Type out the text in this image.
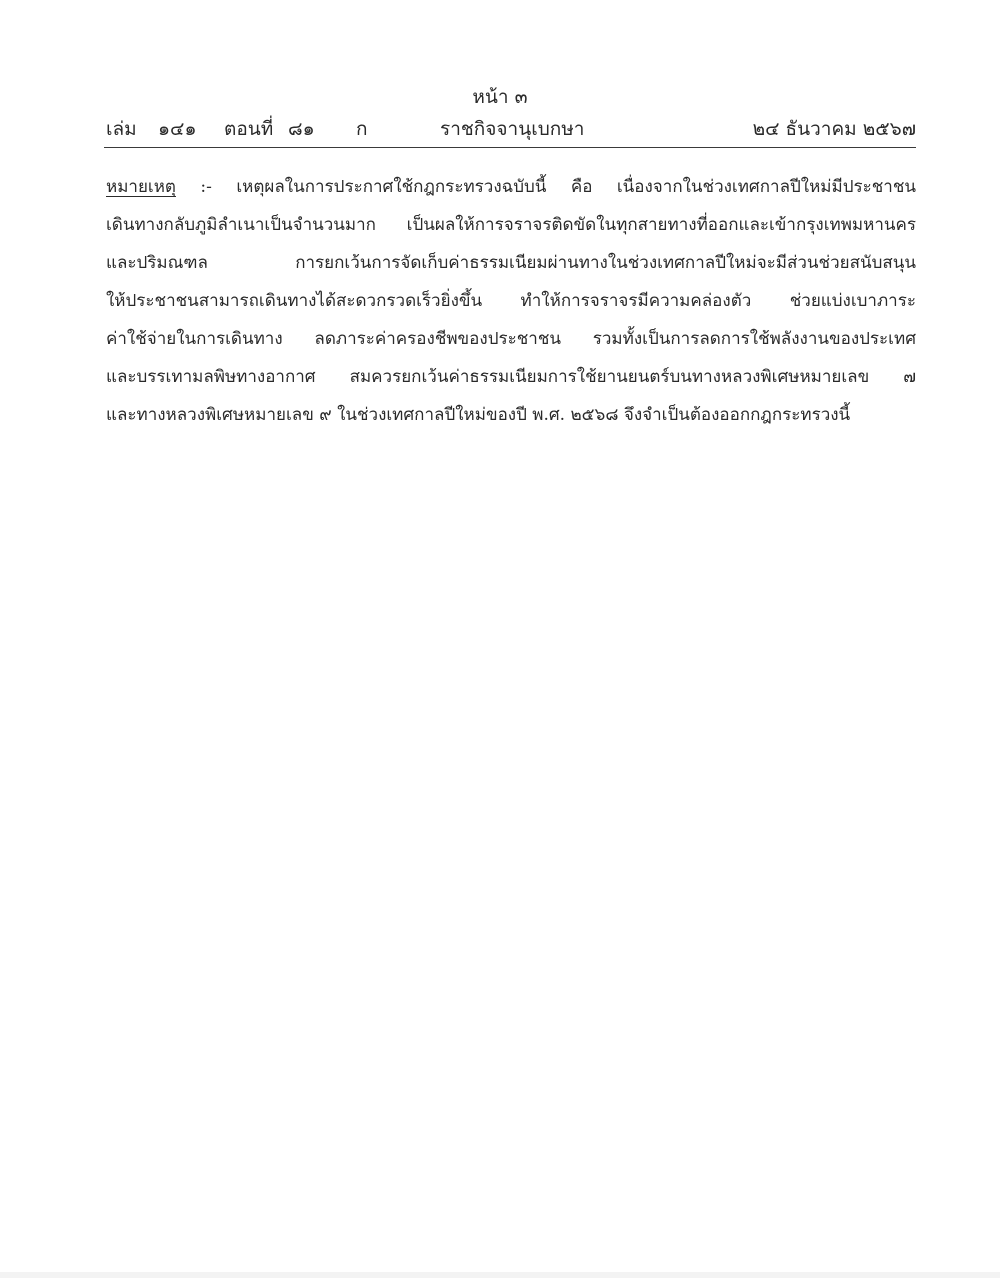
หน้า ๓
เล่ม ๑๔๑ ตอนที่ ๘๑ ก	ราชกิจจานุเบกษา	๒๔ ธันวาคม ๒๕๖๗
หมายเหตุ :- เหตุผลในการประกาศใช้กฎกระทรวงฉบับนี้ คือ เนื่องจากในช่วงเทศกาลปีใหม่มีประชาชน
เดินทางกลับภูมิลำเนาเป็นจำนวนมาก เป็นผลให้การจราจรติดขัดในทุกสายทางที่ออกและเข้ากรุงเทพมหานคร
และปริมณฑล การยกเว้นการจัดเก็บค่าธรรมเนียมผ่านทางในช่วงเทศกาลปีใหม่จะมีส่วนช่วยสนับสนุน
ให้ประชาชนสามารถเดินทางได้สะดวกรวดเร็วยิ่งขึ้น ทำให้การจราจรมีความคล่องตัว ช่วยแบ่งเบาภาระ
ค่าใช้จ่ายในการเดินทาง ลดภาระค่าครองชีพของประชาชน รวมทั้งเป็นการลดการใช้พลังงานของประเทศ
และบรรเทามลพิษทางอากาศ สมควรยกเว้นค่าธรรมเนียมการใช้ยานยนตร์บนทางหลวงพิเศษหมายเลข ๗
และทางหลวงพิเศษหมายเลข ๙ ในช่วงเทศกาลปีใหม่ของปี พ.ศ. ๒๕๖๘ จึงจำเป็นต้องออกกฎกระทรวงนี้
